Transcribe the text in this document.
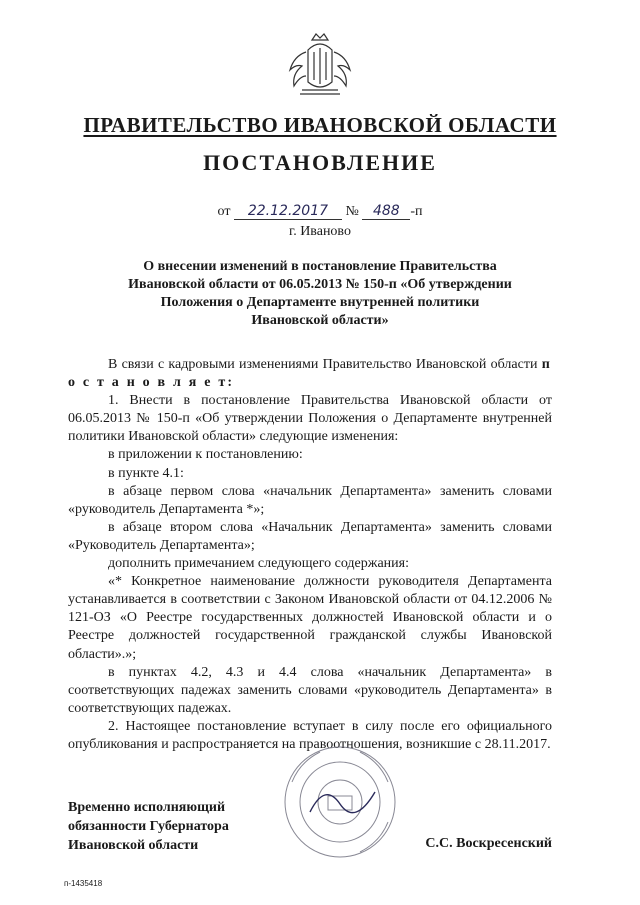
ПРАВИТЕЛЬСТВО ИВАНОВСКОЙ ОБЛАСТИ
ПОСТАНОВЛЕНИЕ
от 22.12.2017 № 488 -п
г. Иваново
О внесении изменений в постановление Правительства
Ивановской области от 06.05.2013 № 150-п «Об утверждении
Положения о Департаменте внутренней политики
Ивановской области»

В связи с кадровыми изменениями Правительство Ивановской области п о с т а н о в л я е т:

1. Внести в постановление Правительства Ивановской области от 06.05.2013 № 150-п «Об утверждении Положения о Департаменте внутренней политики Ивановской области» следующие изменения:

в приложении к постановлению:

в пункте 4.1:

в абзаце первом слова «начальник Департамента» заменить словами «руководитель Департамента *»;

в абзаце втором слова «Начальник Департамента» заменить словами «Руководитель Департамента»;

дополнить примечанием следующего содержания:

«* Конкретное наименование должности руководителя Департамента устанавливается в соответствии с Законом Ивановской области от 04.12.2006 № 121-ОЗ «О Реестре государственных должностей Ивановской области и о Реестре должностей государственной гражданской службы Ивановской области».»;

в пунктах 4.2, 4.3 и 4.4 слова «начальник Департамента» в соответствующих падежах заменить словами «руководитель Департамента» в соответствующих падежах.

2. Настоящее постановление вступает в силу после его официального опубликования и распространяется на правоотношения, возникшие с 28.11.2017.

Временно исполняющий
обязанности Губернатора
Ивановской области	С.С. Воскресенский
п-1435418
